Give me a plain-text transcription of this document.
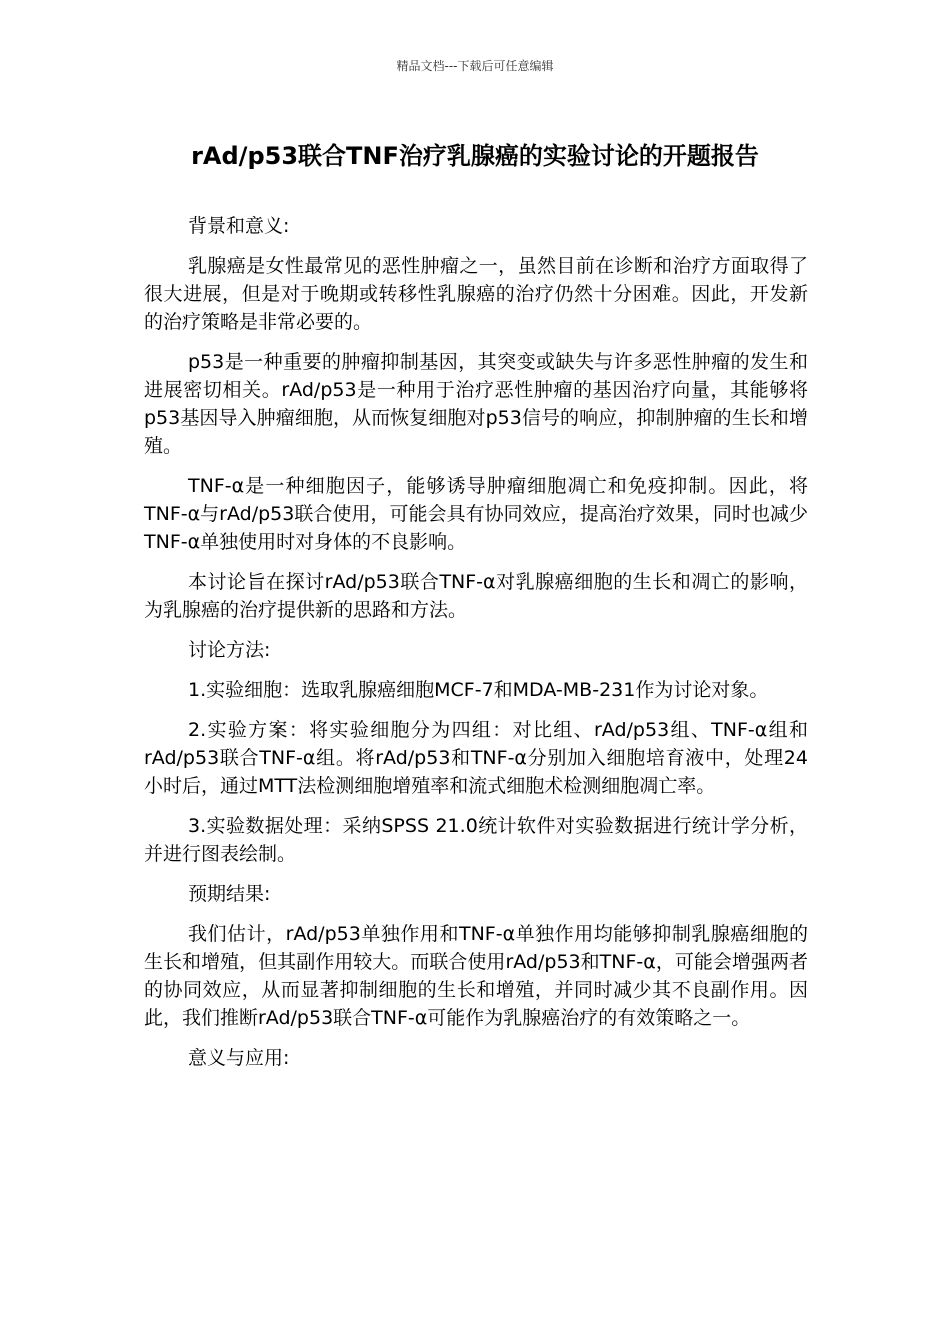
精品文档---下载后可任意编辑
rAd/p53联合TNF治疗乳腺癌的实验讨论的开题报告

背景和意义:

乳腺癌是女性最常见的恶性肿瘤之一，虽然目前在诊断和治疗方面取得了很大进展，但是对于晚期或转移性乳腺癌的治疗仍然十分困难。因此，开发新的治疗策略是非常必要的。

p53是一种重要的肿瘤抑制基因，其突变或缺失与许多恶性肿瘤的发生和进展密切相关。rAd/p53是一种用于治疗恶性肿瘤的基因治疗向量，其能够将p53基因导入肿瘤细胞，从而恢复细胞对p53信号的响应，抑制肿瘤的生长和增殖。

TNF-α是一种细胞因子，能够诱导肿瘤细胞凋亡和免疫抑制。因此，将TNF-α与rAd/p53联合使用，可能会具有协同效应，提高治疗效果，同时也减少TNF-α单独使用时对身体的不良影响。

本讨论旨在探讨rAd/p53联合TNF-α对乳腺癌细胞的生长和凋亡的影响，为乳腺癌的治疗提供新的思路和方法。

讨论方法:

1.实验细胞：选取乳腺癌细胞MCF-7和MDA-MB-231作为讨论对象。

2.实验方案：将实验细胞分为四组：对比组、rAd/p53组、TNF-α组和rAd/p53联合TNF-α组。将rAd/p53和TNF-α分别加入细胞培育液中，处理24小时后，通过MTT法检测细胞增殖率和流式细胞术检测细胞凋亡率。

3.实验数据处理：采纳SPSS 21.0统计软件对实验数据进行统计学分析，并进行图表绘制。

预期结果:

我们估计，rAd/p53单独作用和TNF-α单独作用均能够抑制乳腺癌细胞的生长和增殖，但其副作用较大。而联合使用rAd/p53和TNF-α，可能会增强两者的协同效应，从而显著抑制细胞的生长和增殖，并同时减少其不良副作用。因此，我们推断rAd/p53联合TNF-α可能作为乳腺癌治疗的有效策略之一。

意义与应用:
